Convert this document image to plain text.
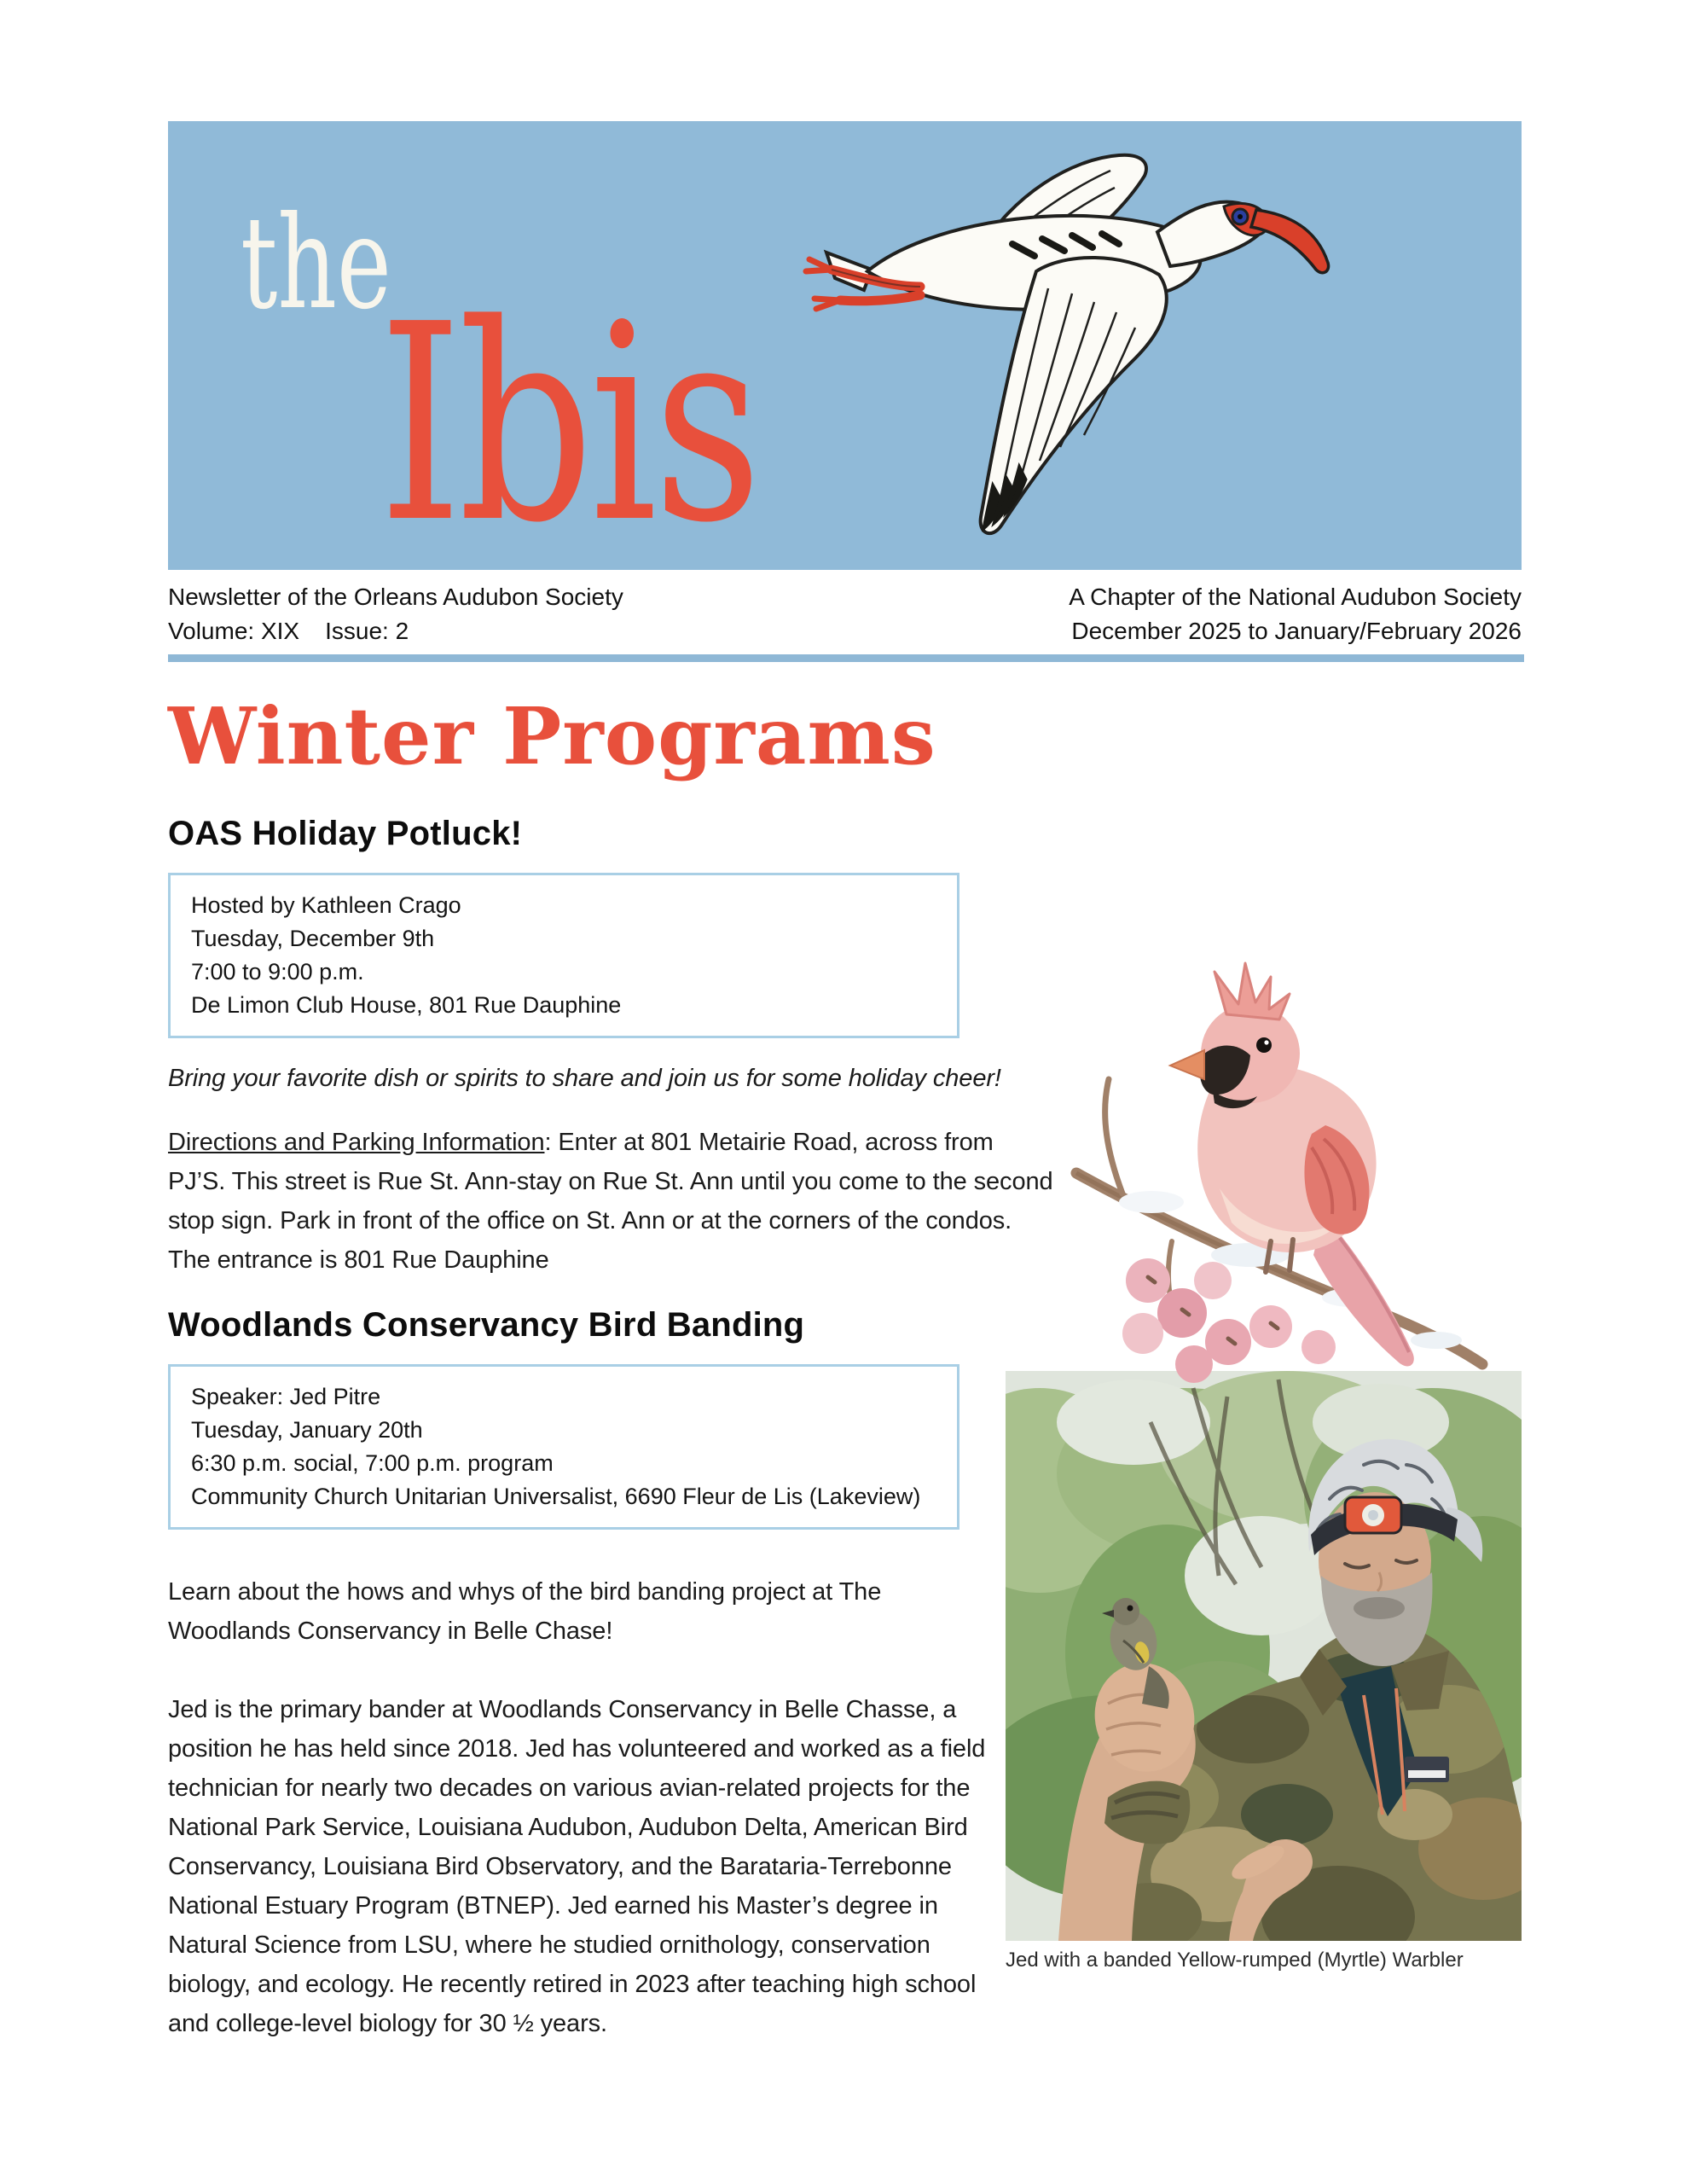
the
Ibis
Newsletter of the Orleans Audubon Society
Volume: XIX Issue: 2
A Chapter of the National Audubon Society
December 2025 to January/February 2026
Winter Programs
OAS Holiday Potluck!
Hosted by Kathleen Crago
Tuesday, December 9th
7:00 to 9:00 p.m.
De Limon Club House, 801 Rue Dauphine

Bring your favorite dish or spirits to share and join us for some holiday cheer!

Directions and Parking Information: Enter at 801 Metairie Road, across from PJ’S. This street is Rue St. Ann-stay on Rue St. Ann until you come to the second stop sign. Park in front of the office on St. Ann or at the corners of the condos. The entrance is 801 Rue Dauphine

Woodlands Conservancy Bird Banding
Jed with a banded Yellow-rumped (Myrtle) Warbler
Speaker: Jed Pitre
Tuesday, January 20th
6:30 p.m. social, 7:00 p.m. program
Community Church Unitarian Universalist, 6690 Fleur de Lis (Lakeview)

Learn about the hows and whys of the bird banding project at The Woodlands Conservancy in Belle Chase!

Jed is the primary bander at Woodlands Conservancy in Belle Chasse, a position he has held since 2018. Jed has volunteered and worked as a field technician for nearly two decades on various avian-related projects for the National Park Service, Louisiana Audubon, Audubon Delta, American Bird Conservancy, Louisiana Bird Observatory, and the Barataria-Terrebonne National Estuary Program (BTNEP). Jed earned his Master’s degree in Natural Science from LSU, where he studied ornithology, conservation biology, and ecology. He recently retired in 2023 after teaching high school and college-level biology for 30 ½ years.
